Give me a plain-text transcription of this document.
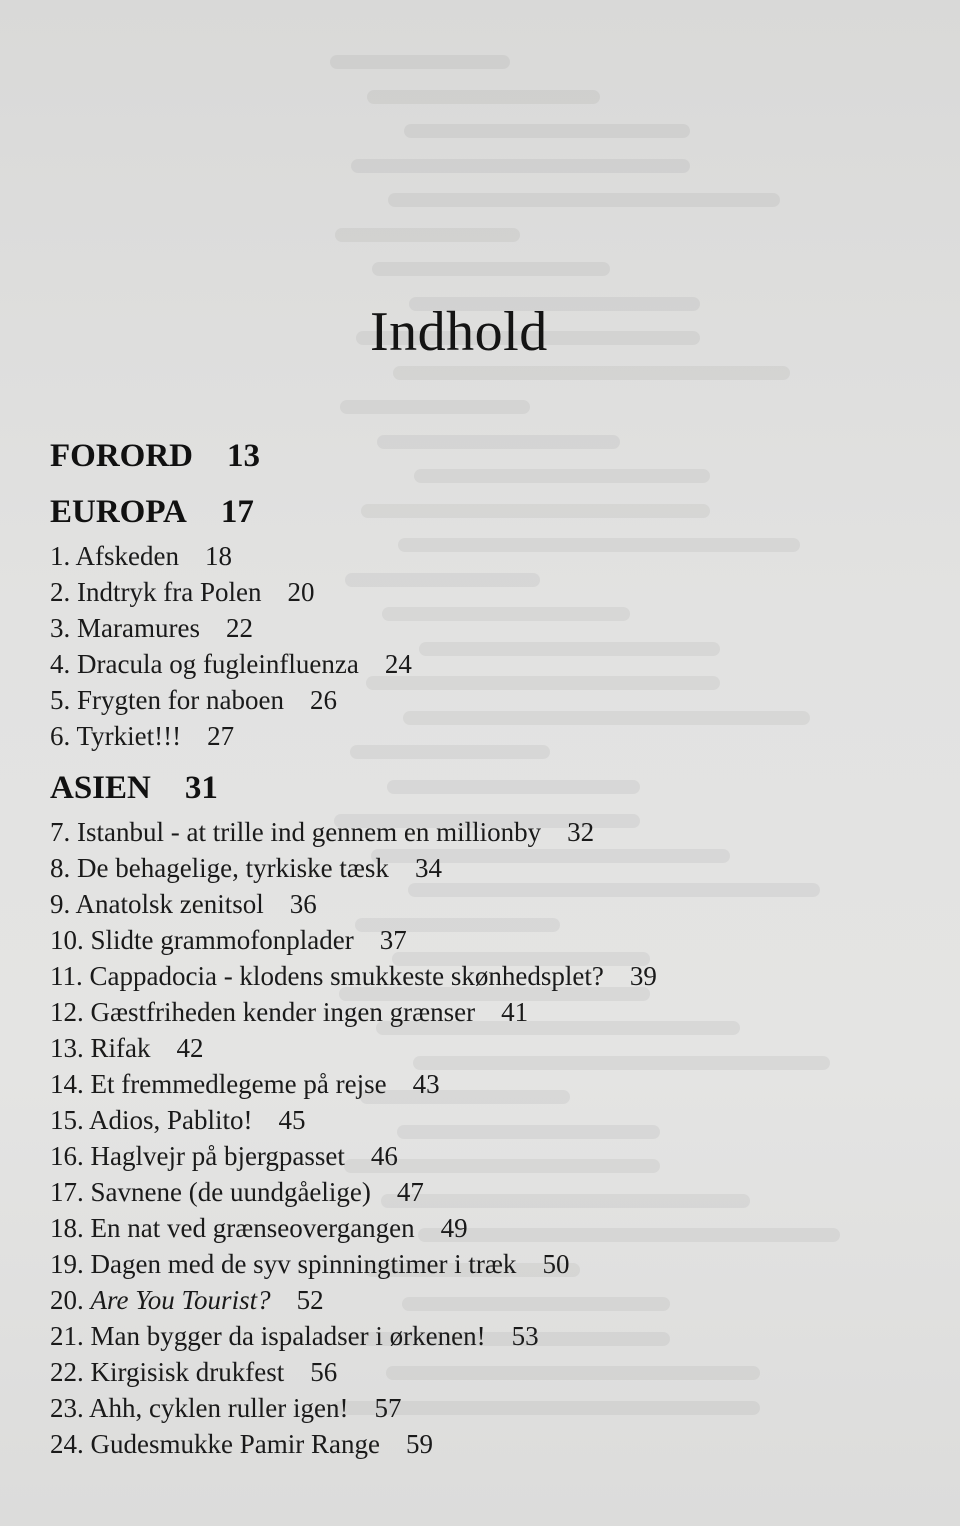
Indhold
FORORD 13
EUROPA 17
1. Afskeden 18
2. Indtryk fra Polen 20
3. Maramures 22
4. Dracula og fugleinfluenza 24
5. Frygten for naboen 26
6. Tyrkiet!!! 27
ASIEN 31
7. Istanbul - at trille ind gennem en millionby 32
8. De behagelige, tyrkiske tæsk 34
9. Anatolsk zenitsol 36
10. Slidte grammofonplader 37
11. Cappadocia - klodens smukkeste skønhedsplet? 39
12. Gæstfriheden kender ingen grænser 41
13. Rifak 42
14. Et fremmedlegeme på rejse 43
15. Adios, Pablito! 45
16. Haglvejr på bjergpasset 46
17. Savnene (de uundgåelige) 47
18. En nat ved grænseovergangen 49
19. Dagen med de syv spinningtimer i træk 50
20. Are You Tourist? 52
21. Man bygger da ispaladser i ørkenen! 53
22. Kirgisisk drukfest 56
23. Ahh, cyklen ruller igen! 57
24. Gudesmukke Pamir Range 59
